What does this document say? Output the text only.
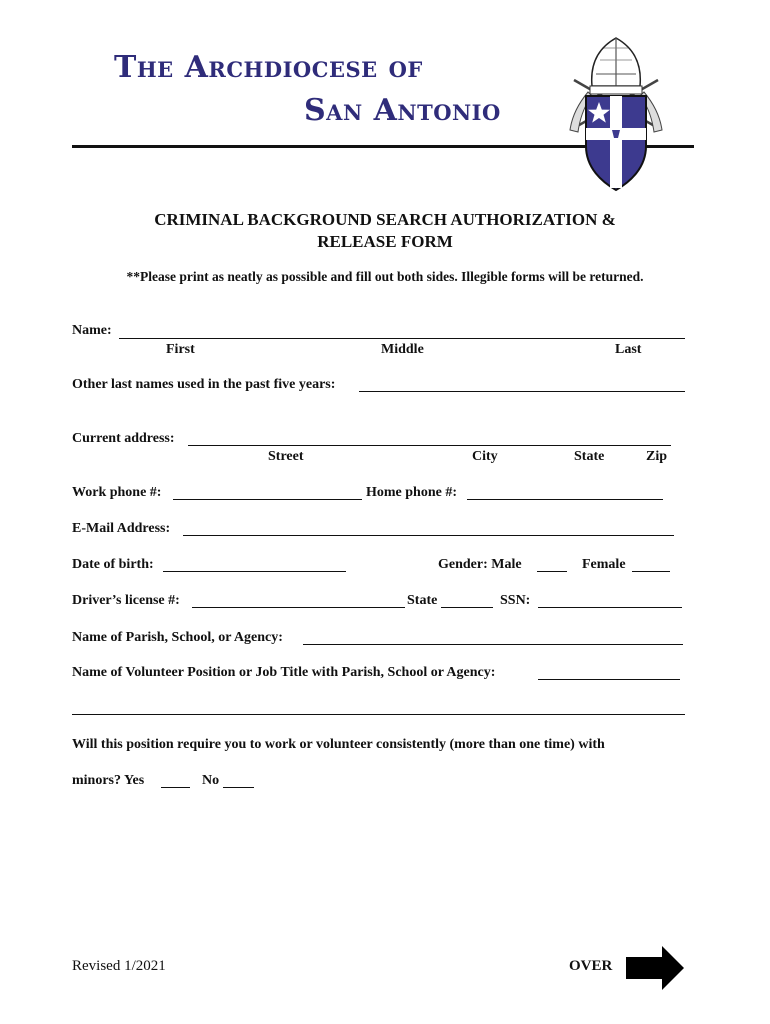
The Archdiocese of
San Antonio
CRIMINAL BACKGROUND SEARCH AUTHORIZATION &
RELEASE FORM
**Please print as neatly as possible and fill out both sides. Illegible forms will be returned.
Name:
First	Middle	Last
Other last names used in the past five years:
Current address:
Street	City	State	Zip
Work phone #:	Home phone #:
E-Mail Address:
Date of birth:	Gender: Male	Female
Driver’s license #:	State	SSN:
Name of Parish, School, or Agency:
Name of Volunteer Position or Job Title with Parish, School or Agency:
Will this position require you to work or volunteer consistently (more than one time) with
minors? Yes	No
Revised 1/2021	OVER
